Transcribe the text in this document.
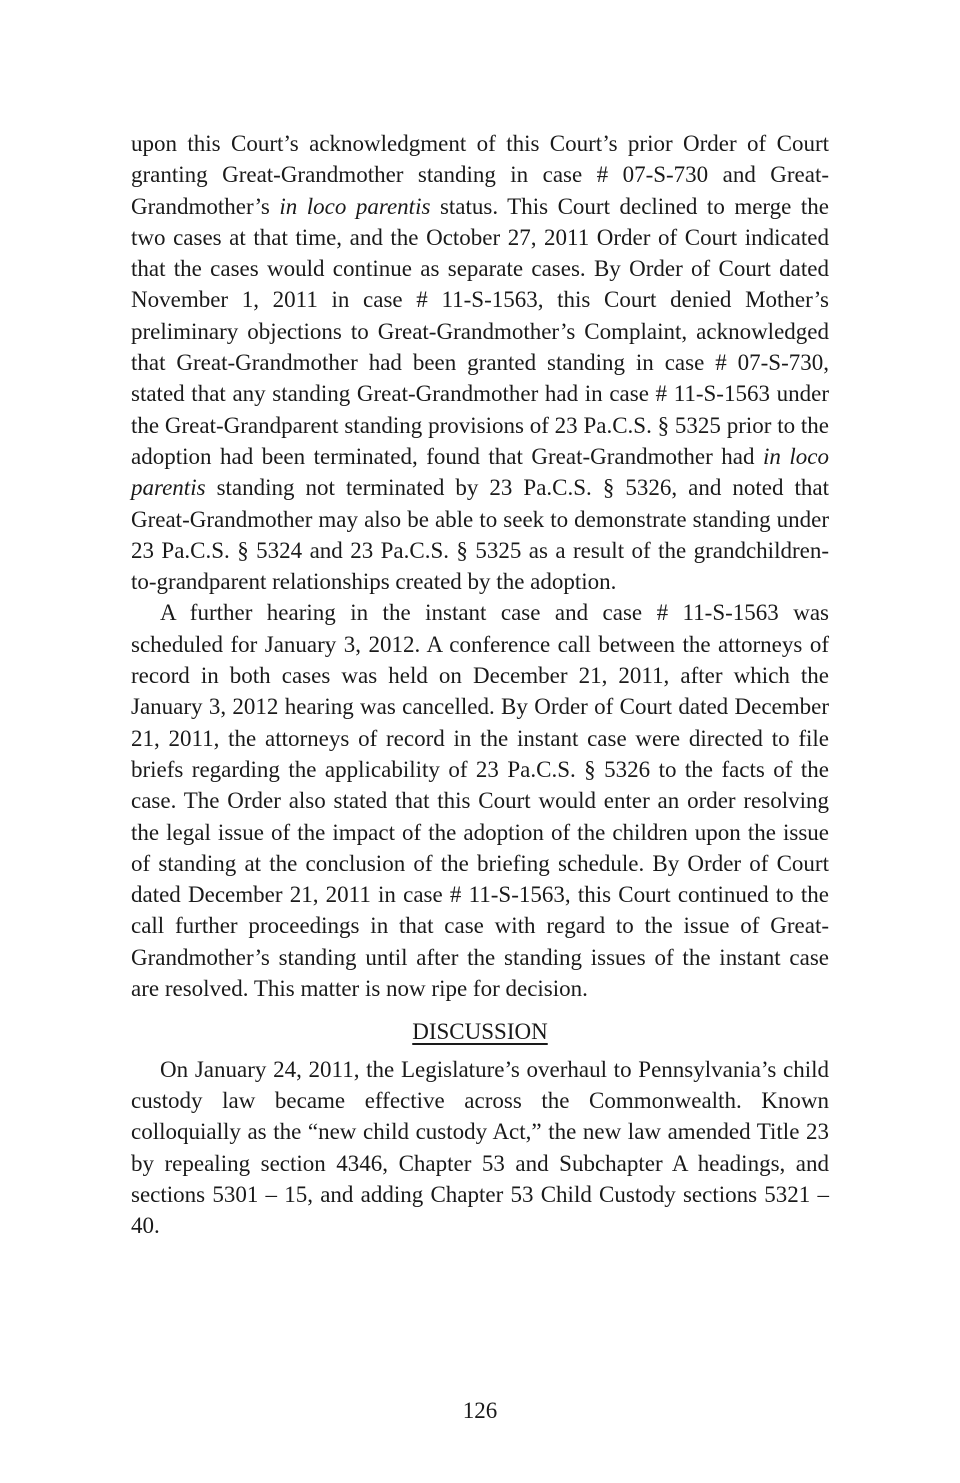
upon this Court’s acknowledgment of this Court’s prior Order of Court granting Great-Grandmother standing in case # 07-S-730 and Great-Grandmother’s in loco parentis status. This Court declined to merge the two cases at that time, and the October 27, 2011 Order of Court indicated that the cases would continue as separate cases. By Order of Court dated November 1, 2011 in case # 11-S-1563, this Court denied Mother’s preliminary objections to Great-Grandmother’s Complaint, acknowledged that Great-Grandmother had been granted standing in case # 07-S-730, stated that any standing Great-Grandmother had in case # 11-S-1563 under the Great-Grandparent standing provisions of 23 Pa.C.S. § 5325 prior to the adoption had been terminated, found that Great-Grandmother had in loco parentis standing not terminated by 23 Pa.C.S. § 5326, and noted that Great-Grandmother may also be able to seek to demonstrate standing under 23 Pa.C.S. § 5324 and 23 Pa.C.S. § 5325 as a result of the grandchildren-to-grandparent relationships created by the adoption.

A further hearing in the instant case and case # 11-S-1563 was scheduled for January 3, 2012. A conference call between the attorneys of record in both cases was held on December 21, 2011, after which the January 3, 2012 hearing was cancelled. By Order of Court dated December 21, 2011, the attorneys of record in the instant case were directed to file briefs regarding the applicability of 23 Pa.C.S. § 5326 to the facts of the case. The Order also stated that this Court would enter an order resolving the legal issue of the impact of the adoption of the children upon the issue of standing at the conclusion of the briefing schedule. By Order of Court dated December 21, 2011 in case # 11-S-1563, this Court continued to the call further proceedings in that case with regard to the issue of Great-Grandmother’s standing until after the standing issues of the instant case are resolved. This matter is now ripe for decision.

DISCUSSION

On January 24, 2011, the Legislature’s overhaul to Pennsylvania’s child custody law became effective across the Commonwealth. Known colloquially as the “new child custody Act,” the new law amended Title 23 by repealing section 4346, Chapter 53 and Subchapter A headings, and sections 5301 – 15, and adding Chapter 53 Child Custody sections 5321 – 40.

126
